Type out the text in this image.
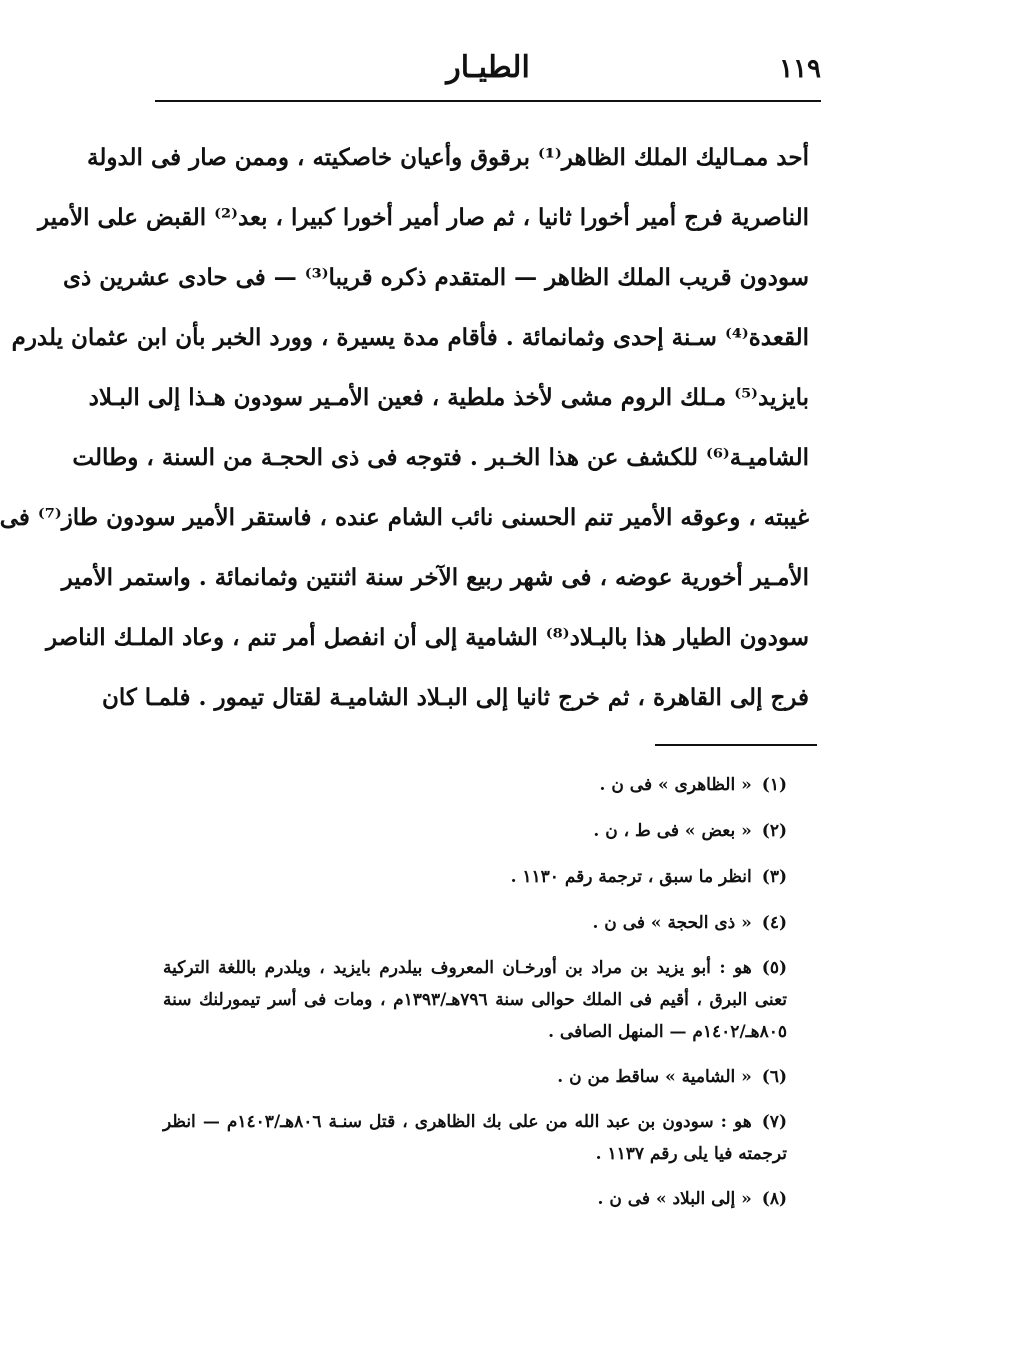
١١٩
الطيـار
أحد ممـاليك الملك الظاهر⁽¹⁾ برقوق وأعيان خاصكيته ، وممن صار فى الدولة
الناصرية فرج أمير أخورا ثانيا ، ثم صار أمير أخورا كبيرا ، بعد⁽²⁾ القبض على الأمير
سودون قريب الملك الظاهر — المتقدم ذكره قريبا⁽³⁾ — فى حادى عشرين ذى
القعدة⁽⁴⁾ سـنة إحدى وثمانمائة . فأقام مدة يسيرة ، وورد الخبر بأن ابن عثمان يلدرم
بايزيد⁽⁵⁾ مـلك الروم مشى لأخذ ملطية ، فعين الأمـير سودون هـذا إلى البـلاد
الشاميـة⁽⁶⁾ للكشف عن هذا الخـبر . فتوجه فى ذى الحجـة من السنة ، وطالت
غيبته ، وعوقه الأمير تنم الحسنى نائب الشام عنده ، فاستقر الأمير سودون طاز⁽⁷⁾ فى
الأمـير أخورية عوضه ، فى شهر ربيع الآخر سنة اثنتين وثمانمائة . واستمر الأمير
سودون الطيار هذا بالبـلاد⁽⁸⁾ الشامية إلى أن انفصل أمر تنم ، وعاد الملـك الناصر
فرج إلى القاهرة ، ثم خرج ثانيا إلى البـلاد الشاميـة لقتال تيمور . فلمـا كان
(١)« الظاهرى » فى ن .
(٢)« بعض » فى ط ، ن .
(٣)انظر ما سبق ، ترجمة رقم ١١٣٠ .
(٤)« ذى الحجة » فى ن .
(٥)هو : أبو يزيد بن مراد بن أورخـان المعروف بيلدرم بايزيد ، ويلدرم باللغة التركية تعنى البرق ، أقيم فى الملك حوالى سنة ٧٩٦هـ/١٣٩٣م ، ومات فى أسر تيمورلنك سنة ٨٠٥هـ/١٤٠٢م — المنهل الصافى .
(٦)« الشامية » ساقط من ن .
(٧)هو : سودون بن عبد الله من على بك الظاهرى ، قتل سنـة ٨٠٦هـ/١٤٠٣م — انظر ترجمته فيا يلى رقم ١١٣٧ .
(٨)« إلى البلاد » فى ن .
